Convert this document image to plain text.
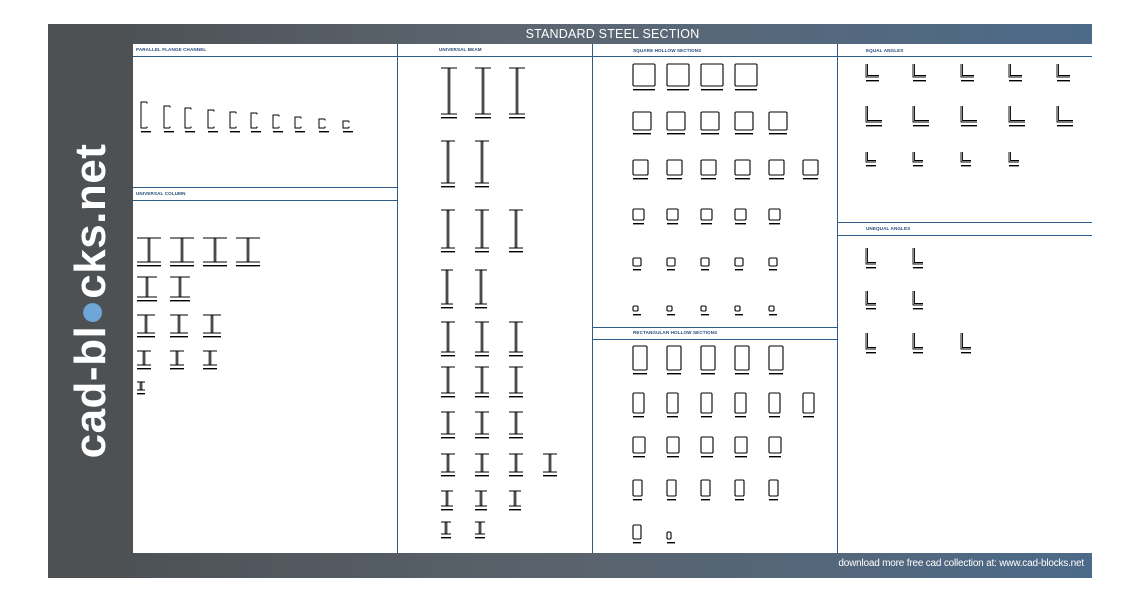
cad-bl●cks.net
STANDARD STEEL SECTION
PARALLEL FLANGE CHANNEL
UNIVERSAL COLUMN
UNIVERSAL BEAM	SQUARE HOLLOW SECTIONS
RECTANGULAR HOLLOW SECTIONS
EQUAL ANGLES
UNEQUAL ANGLES
download more free cad collection at: www.cad-blocks.net
